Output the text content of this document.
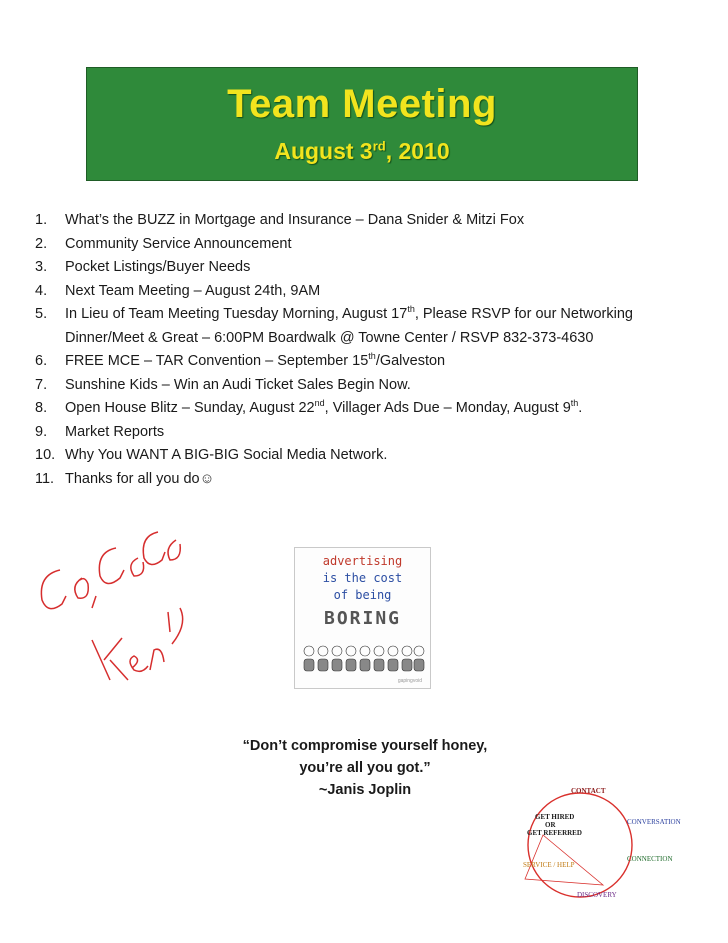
Team Meeting
August 3rd, 2010
1.	What’s the BUZZ in Mortgage and Insurance – Dana Snider & Mitzi Fox
2.	Community Service Announcement
3.	Pocket Listings/Buyer Needs
4.	Next Team Meeting – August 24th, 9AM
5.	In Lieu of Team Meeting Tuesday Morning, August 17th, Please RSVP for our Networking Dinner/Meet & Great – 6:00PM Boardwalk @ Towne Center / RSVP 832-373-4630
6.	FREE MCE – TAR Convention – September 15th/Galveston
7.	Sunshine Kids – Win an Audi Ticket Sales Begin Now.
8.	Open House Blitz – Sunday, August 22nd, Villager Ads Due – Monday, August 9th.
9.	Market Reports
10. Why You WANT A BIG-BIG Social Media Network.
11. Thanks for all you do☺
Go,Go Go	Ken :)
advertising
is the cost
of being
BORING
gapingvoid
“Don’t compromise yourself honey,
you’re all you got.”
~Janis Joplin	CONTACT
CONVERSATION
CONNECTION
DISCOVERY
SERVICE / HELP
GET HIRED
OR
GET REFERRED
